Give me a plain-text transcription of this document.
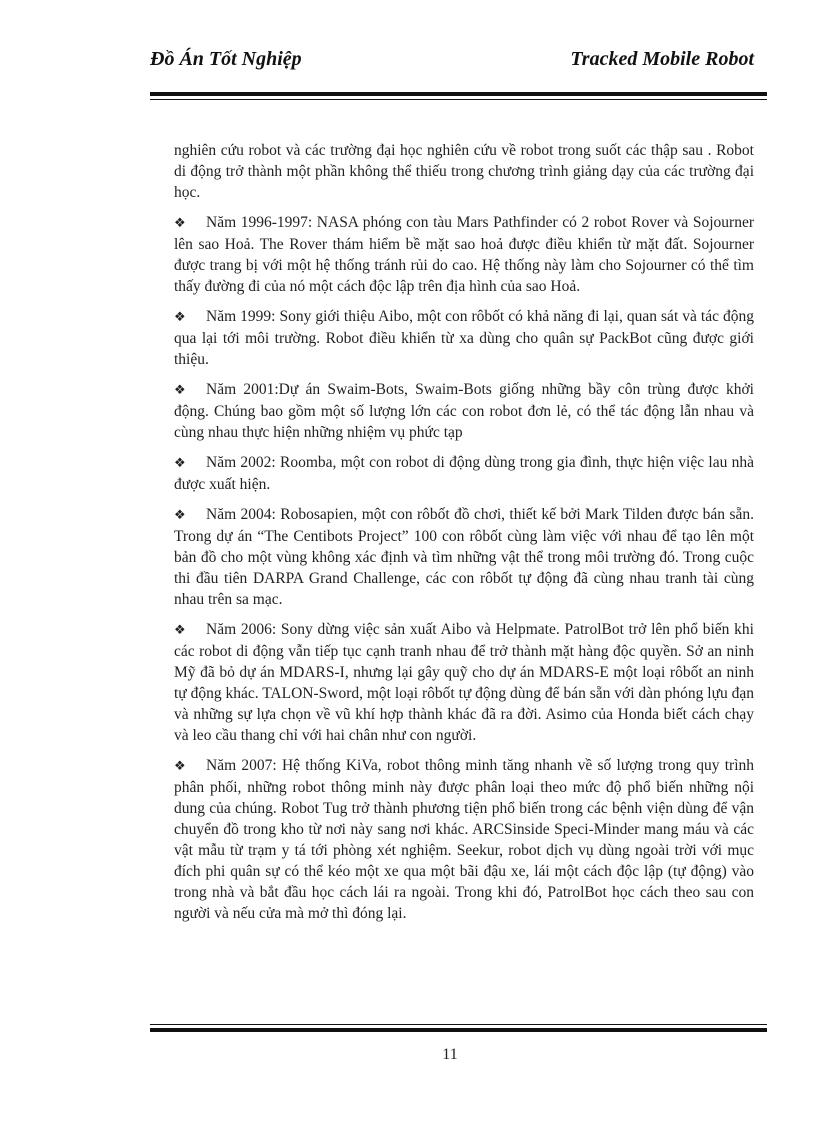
Đồ Án Tốt Nghiệp	Tracked Mobile Robot

nghiên cứu robot và các trường đại học nghiên cứu về robot trong suốt các thập sau . Robot di động trở thành một phần không thể thiếu trong chương trình giảng dạy của các trường đại học.

❖ Năm 1996-1997: NASA phóng con tàu Mars Pathfinder có 2 robot Rover và Sojourner lên sao Hoả. The Rover thám hiểm bề mặt sao hoả được điều khiển từ mặt đất. Sojourner được trang bị với một hệ thống tránh rủi do cao. Hệ thống này làm cho Sojourner có thể tìm thấy đường đi của nó một cách độc lập trên địa hình của sao Hoả.
❖ Năm 1999: Sony giới thiệu Aibo, một con rôbốt có khả năng đi lại, quan sát và tác động qua lại tới môi trường. Robot điều khiển từ xa dùng cho quân sự PackBot cũng được giới thiệu.
❖ Năm 2001:Dự án Swaim-Bots, Swaim-Bots giống những bầy côn trùng được khởi động. Chúng bao gồm một số lượng lớn các con robot đơn lẻ, có thể tác động lẫn nhau và cùng nhau thực hiện những nhiệm vụ phức tạp
❖ Năm 2002: Roomba, một con robot di động dùng trong gia đình, thực hiện việc lau nhà được xuất hiện.
❖ Năm 2004: Robosapien, một con rôbốt đồ chơi, thiết kế bởi Mark Tilden được bán sẵn. Trong dự án “The Centibots Project” 100 con rôbốt cùng làm việc với nhau để tạo lên một bản đồ cho một vùng không xác định và tìm những vật thể trong môi trường đó. Trong cuộc thi đầu tiên DARPA Grand Challenge, các con rôbốt tự động đã cùng nhau tranh tài cùng nhau trên sa mạc.
❖ Năm 2006: Sony dừng việc sản xuất Aibo và Helpmate. PatrolBot trở lên phổ biến khi các robot di động vẫn tiếp tục cạnh tranh nhau để trở thành mặt hàng độc quyền. Sở an ninh Mỹ đã bỏ dự án MDARS-I, nhưng lại gây quỹ cho dự án MDARS-E một loại rôbốt an ninh tự động khác. TALON-Sword, một loại rôbốt tự động dùng để bán sẵn với dàn phóng lựu đạn và những sự lựa chọn về vũ khí hợp thành khác đã ra đời. Asimo của Honda biết cách chạy và leo cầu thang chỉ với hai chân như con người.
❖ Năm 2007: Hệ thống KiVa, robot thông minh tăng nhanh về số lượng trong quy trình phân phối, những robot thông minh này được phân loại theo mức độ phổ biến những nội dung của chúng. Robot Tug trở thành phương tiện phổ biến trong các bệnh viện dùng để vận chuyển đồ trong kho từ nơi này sang nơi khác. ARCSinside Speci-Minder mang máu và các vật mẫu từ trạm y tá tới phòng xét nghiệm. Seekur, robot dịch vụ dùng ngoài trời với mục đích phi quân sự có thể kéo một xe qua một bãi đậu xe, lái một cách độc lập (tự động) vào trong nhà và bắt đầu học cách lái ra ngoài. Trong khi đó, PatrolBot học cách theo sau con người và nếu cửa mà mở thì đóng lại.
11
